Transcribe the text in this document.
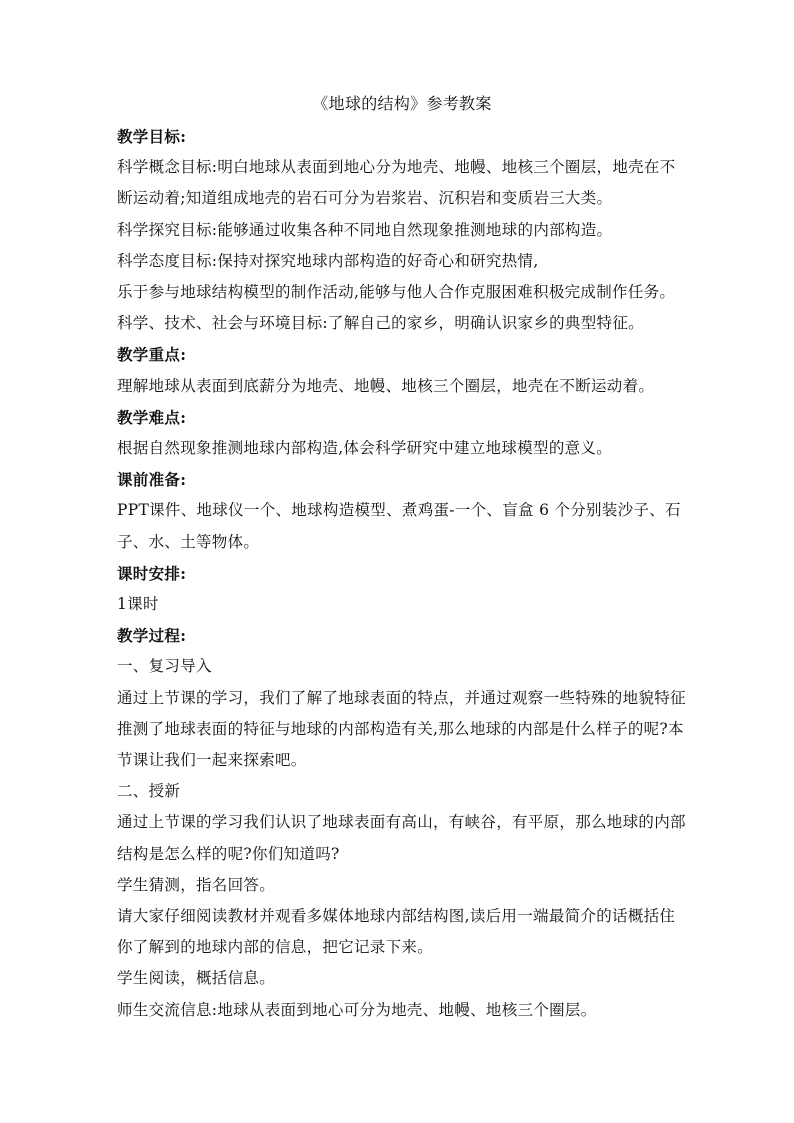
《地球的结构》参考教案

教学目标:

科学概念目标:明白地球从表面到地心分为地壳、地幔、地核三个圈层，地壳在不断运动着;知道组成地壳的岩石可分为岩浆岩、沉积岩和变质岩三大类。

科学探究目标:能够通过收集各种不同地自然现象推测地球的内部构造。

科学态度目标:保持对探究地球内部构造的好奇心和研究热情,

乐于参与地球结构模型的制作活动,能够与他人合作克服困难积极完成制作任务。

科学、技术、社会与环境目标:了解自己的家乡，明确认识家乡的典型特征。

教学重点:

理解地球从表面到底薪分为地壳、地幔、地核三个圈层，地壳在不断运动着。

教学难点:

根据自然现象推测地球内部构造,体会科学研究中建立地球模型的意义。

课前准备:

PPT课件、地球仪一个、地球构造模型、煮鸡蛋-一个、盲盒 6 个分别装沙子、石子、水、土等物体。

课时安排:

1课时

教学过程:

一、复习导入

通过上节课的学习，我们了解了地球表面的特点，并通过观察一些特殊的地貌特征推测了地球表面的特征与地球的内部构造有关,那么地球的内部是什么样子的呢?本节课让我们一起来探索吧。

二、授新

通过上节课的学习我们认识了地球表面有高山，有峡谷，有平原，那么地球的内部结构是怎么样的呢?你们知道吗?

学生猜测，指名回答。

请大家仔细阅读教材并观看多媒体地球内部结构图,读后用一端最简介的话概括住你了解到的地球内部的信息，把它记录下来。

学生阅读，概括信息。

师生交流信息:地球从表面到地心可分为地壳、地幔、地核三个圈层。
